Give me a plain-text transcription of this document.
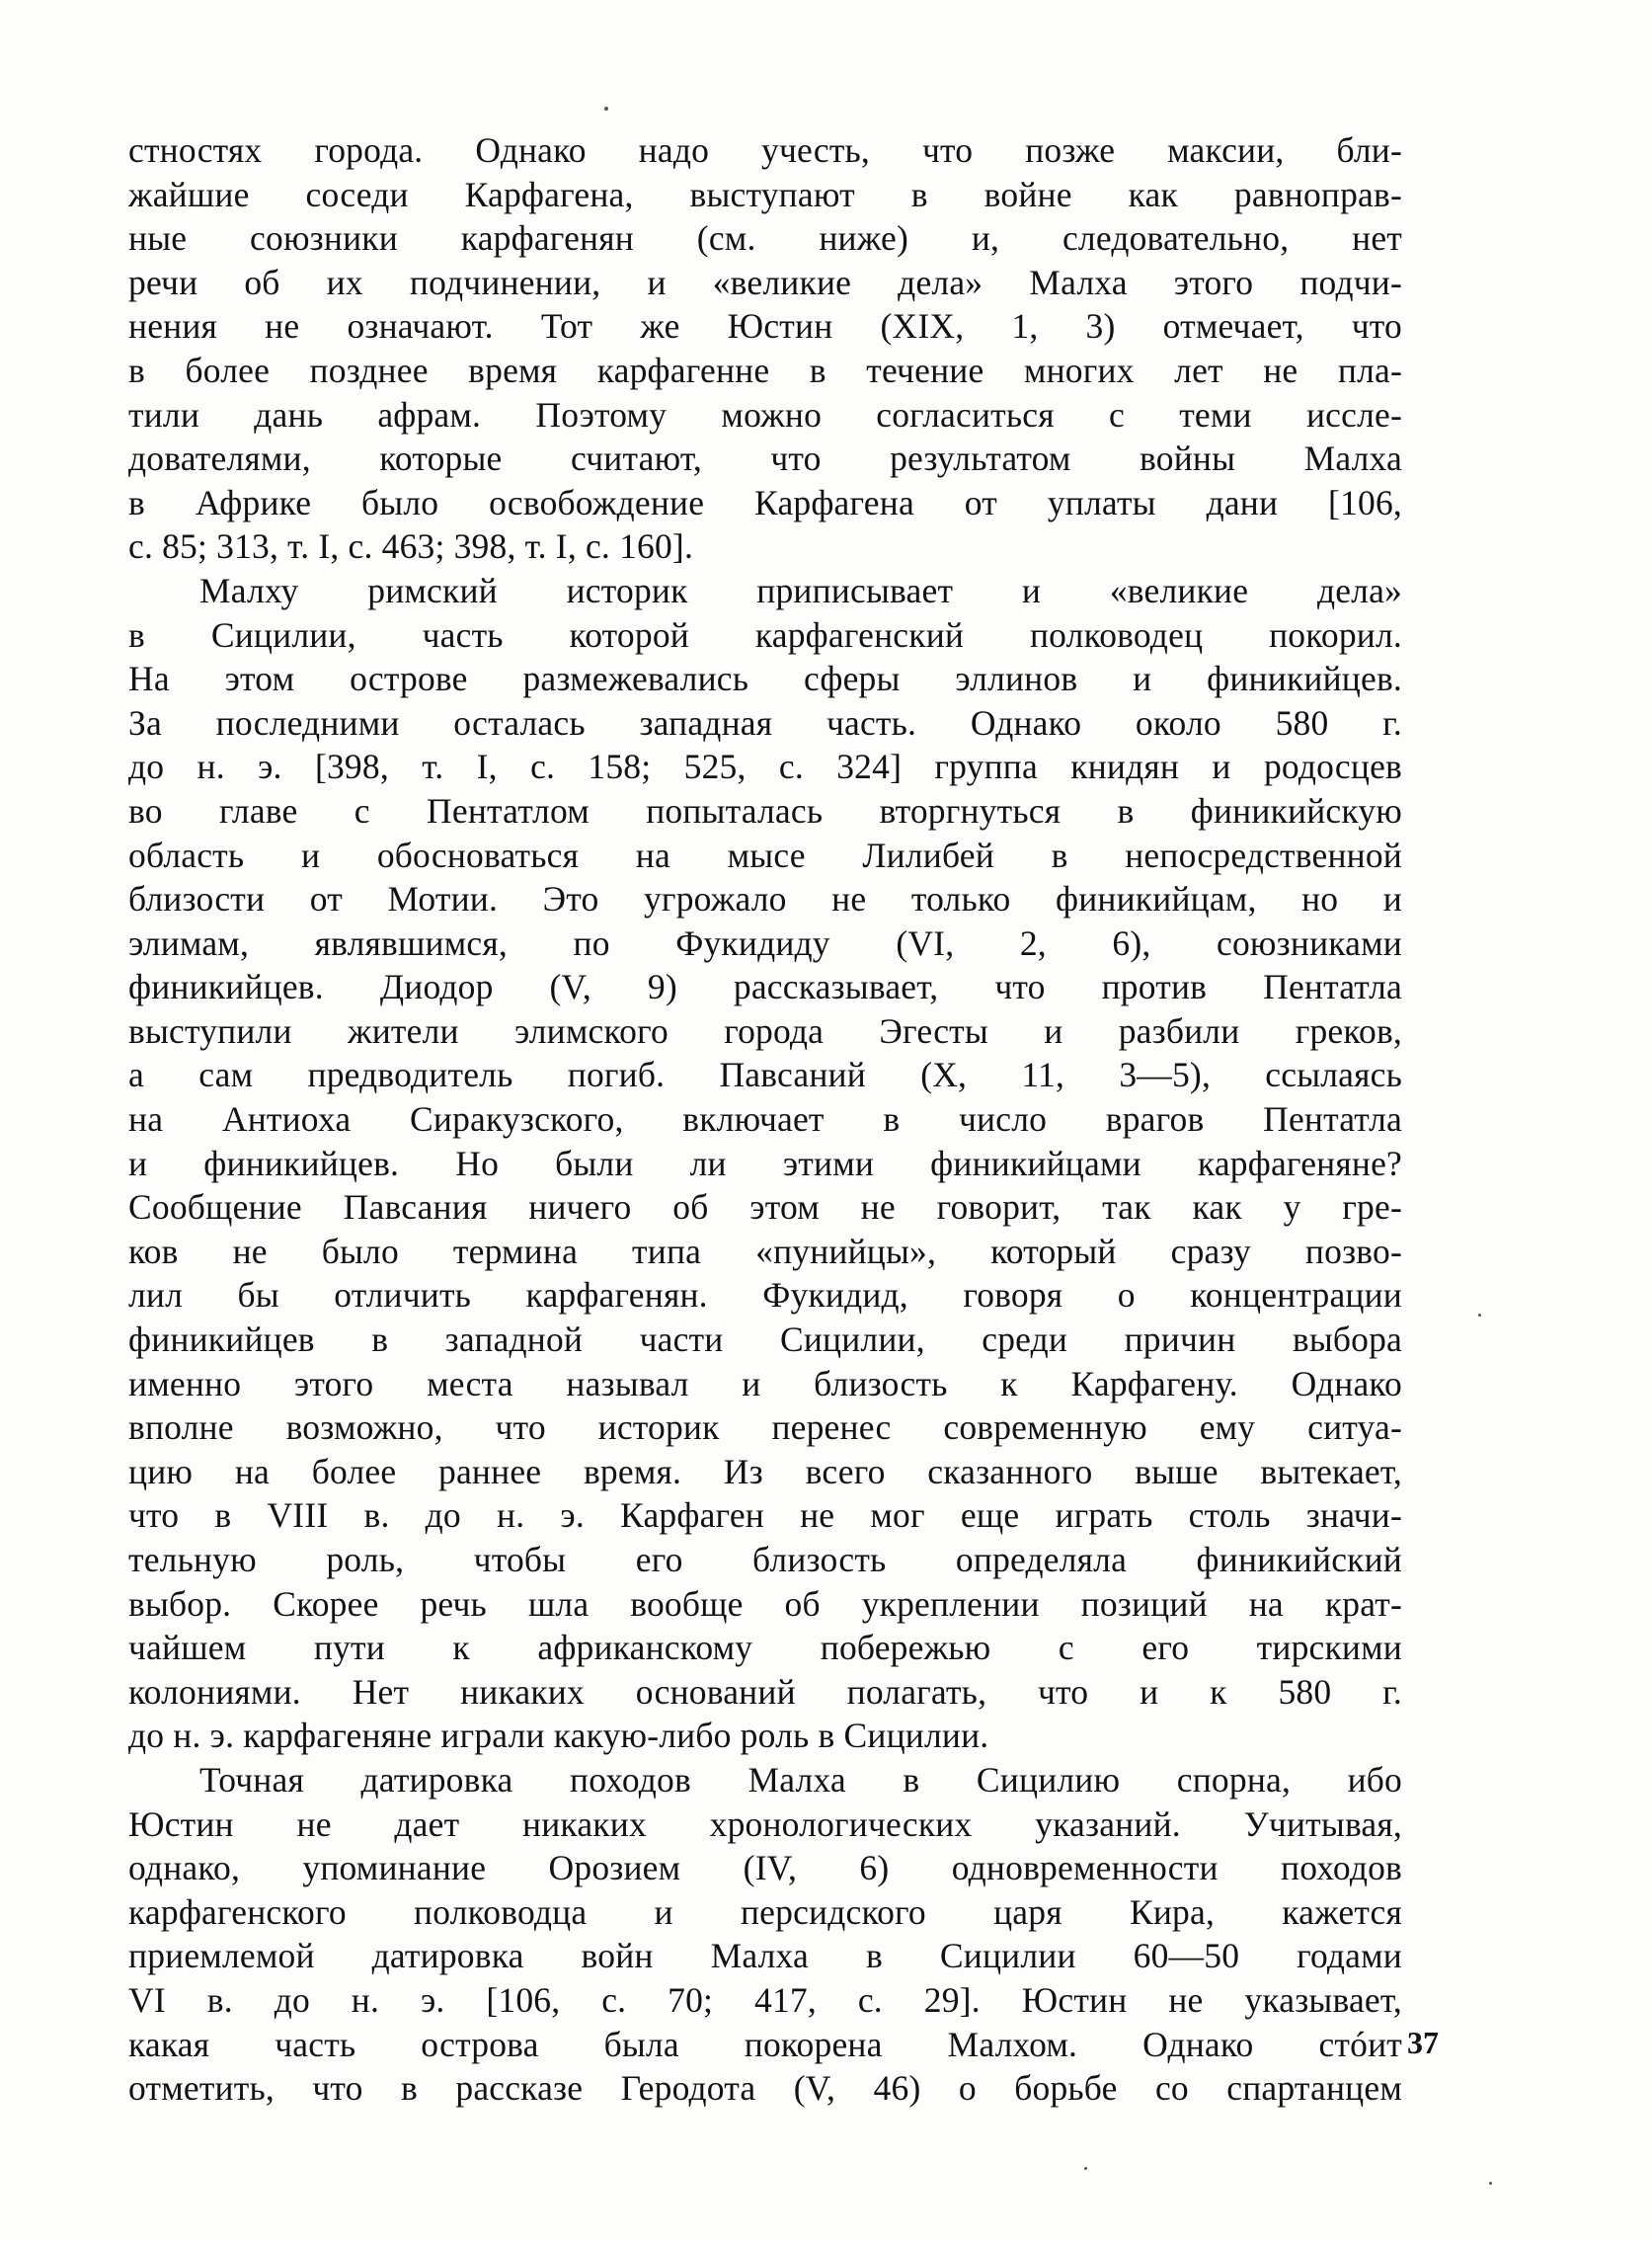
стностях города. Однако надо учесть, что позже максии, бли-
жайшие соседи Карфагена, выступают в войне как равноправ-
ные союзники карфагенян (см. ниже) и, следовательно, нет
речи об их подчинении, и «великие дела» Малха этого подчи-
нения не означают. Тот же Юстин (XIX, 1, 3) отмечает, что
в более позднее время карфагенне в течение многих лет не пла-
тили дань афрам. Поэтому можно согласиться с теми иссле-
дователями, которые считают, что результатом войны Малха
в Африке было освобождение Карфагена от уплаты дани [106,
с. 85; 313, т. I, с. 463; 398, т. I, с. 160].
Малху римский историк приписывает и «великие дела»
в Сицилии, часть которой карфагенский полководец покорил.
На этом острове размежевались сферы эллинов и финикийцев.
За последними осталась западная часть. Однако около 580 г.
до н. э. [398, т. I, с. 158; 525, с. 324] группа книдян и родосцев
во главе с Пентатлом попыталась вторгнуться в финикийскую
область и обосноваться на мысе Лилибей в непосредственной
близости от Мотии. Это угрожало не только финикийцам, но и
элимам, являвшимся, по Фукидиду (VI, 2, 6), союзниками
финикийцев. Диодор (V, 9) рассказывает, что против Пентатла
выступили жители элимского города Эгесты и разбили греков,
а сам предводитель погиб. Павсаний (X, 11, 3—5), ссылаясь
на Антиоха Сиракузского, включает в число врагов Пентатла
и финикийцев. Но были ли этими финикийцами карфагеняне?
Сообщение Павсания ничего об этом не говорит, так как у гре-
ков не было термина типа «пунийцы», который сразу позво-
лил бы отличить карфагенян. Фукидид, говоря о концентрации
финикийцев в западной части Сицилии, среди причин выбора
именно этого места называл и близость к Карфагену. Однако
вполне возможно, что историк перенес современную ему ситуа-
цию на более раннее время. Из всего сказанного выше вытекает,
что в VIII в. до н. э. Карфаген не мог еще играть столь значи-
тельную роль, чтобы его близость определяла финикийский
выбор. Скорее речь шла вообще об укреплении позиций на крат-
чайшем пути к африканскому побережью с его тирскими
колониями. Нет никаких оснований полагать, что и к 580 г.
до н. э. карфагеняне играли какую-либо роль в Сицилии.
Точная датировка походов Малха в Сицилию спорна, ибо
Юстин не дает никаких хронологических указаний. Учитывая,
однако, упоминание Орозием (IV, 6) одновременности походов
карфагенского полководца и персидского царя Кира, кажется
приемлемой датировка войн Малха в Сицилии 60—50 годами
VI в. до н. э. [106, с. 70; 417, с. 29]. Юстин не указывает,
какая часть острова была покорена Малхом. Однако стóит
отметить, что в рассказе Геродота (V, 46) о борьбе со спартанцем
37
